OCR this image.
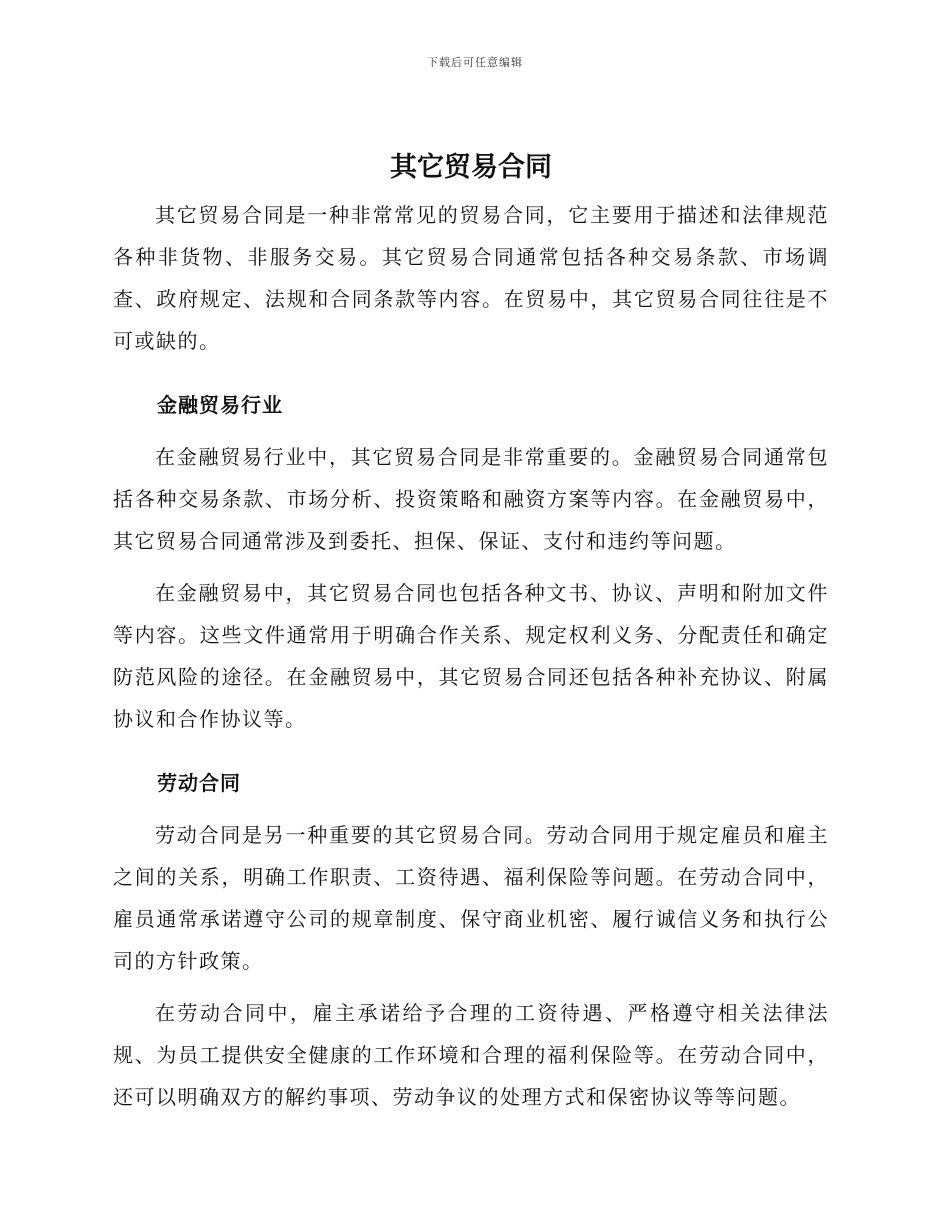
下载后可任意编辑
其它贸易合同

其它贸易合同是一种非常常见的贸易合同，它主要用于描述和法律规范各种非货物、非服务交易。其它贸易合同通常包括各种交易条款、市场调查、政府规定、法规和合同条款等内容。在贸易中，其它贸易合同往往是不可或缺的。

金融贸易行业

在金融贸易行业中，其它贸易合同是非常重要的。金融贸易合同通常包括各种交易条款、市场分析、投资策略和融资方案等内容。在金融贸易中，其它贸易合同通常涉及到委托、担保、保证、支付和违约等问题。

在金融贸易中，其它贸易合同也包括各种文书、协议、声明和附加文件等内容。这些文件通常用于明确合作关系、规定权利义务、分配责任和确定防范风险的途径。在金融贸易中，其它贸易合同还包括各种补充协议、附属协议和合作协议等。

劳动合同

劳动合同是另一种重要的其它贸易合同。劳动合同用于规定雇员和雇主之间的关系，明确工作职责、工资待遇、福利保险等问题。在劳动合同中，雇员通常承诺遵守公司的规章制度、保守商业机密、履行诚信义务和执行公司的方针政策。

在劳动合同中，雇主承诺给予合理的工资待遇、严格遵守相关法律法规、为员工提供安全健康的工作环境和合理的福利保险等。在劳动合同中，还可以明确双方的解约事项、劳动争议的处理方式和保密协议等等问题。
